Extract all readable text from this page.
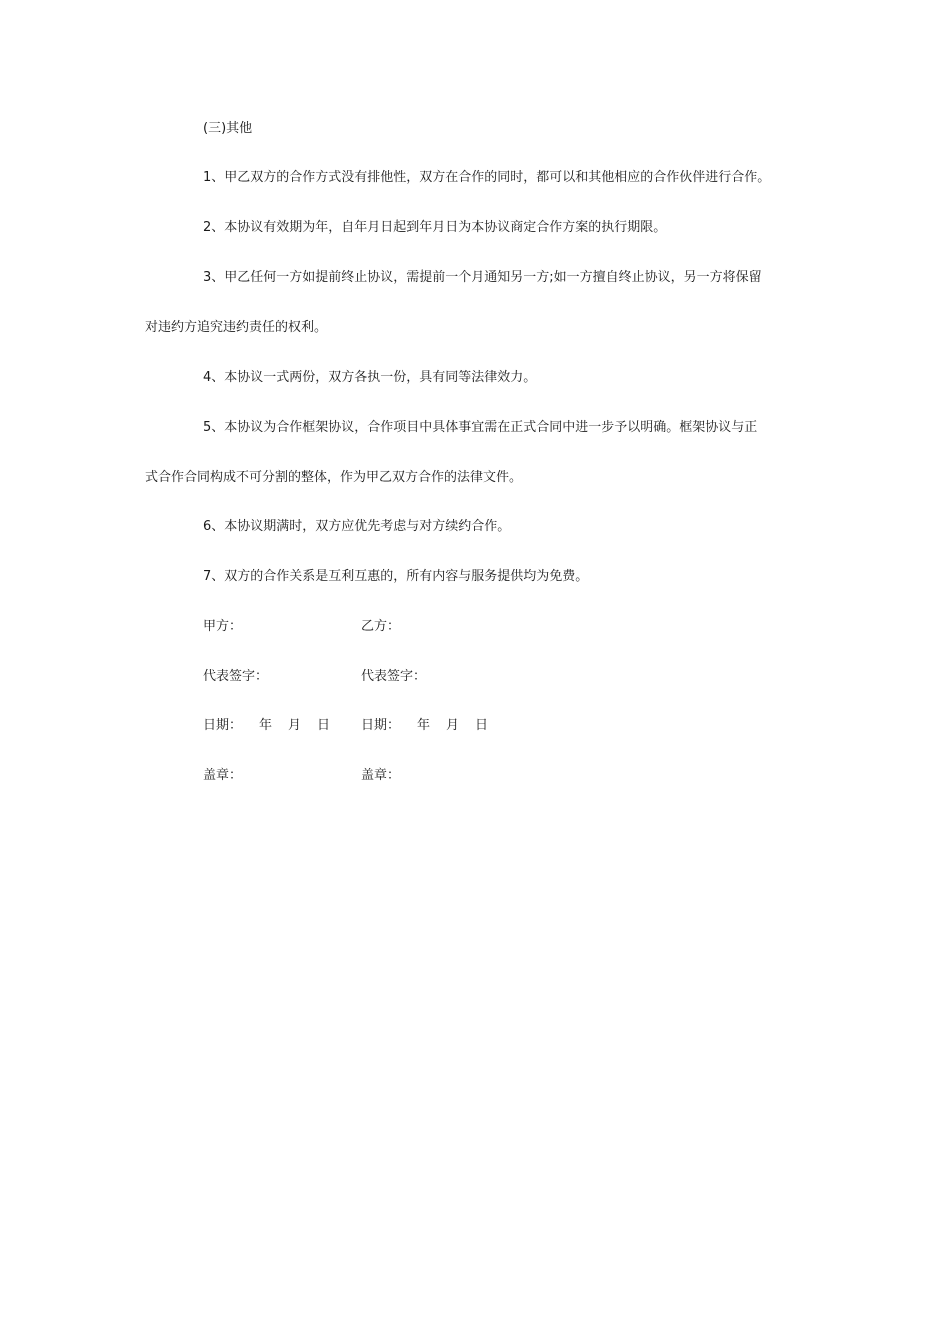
(三)其他
1、甲乙双方的合作方式没有排他性，双方在合作的同时，都可以和其他相应的合作伙伴进行合作。
2、本协议有效期为年，自年月日起到年月日为本协议商定合作方案的执行期限。
3、甲乙任何一方如提前终止协议，需提前一个月通知另一方;如一方擅自终止协议，另一方将保留
对违约方追究违约责任的权利。
4、本协议一式两份，双方各执一份，具有同等法律效力。
5、本协议为合作框架协议，合作项目中具体事宜需在正式合同中进一步予以明确。框架协议与正
式合作合同构成不可分割的整体，作为甲乙双方合作的法律文件。
6、本协议期满时，双方应优先考虑与对方续约合作。
7、双方的合作关系是互利互惠的，所有内容与服务提供均为免费。
甲方：	乙方：
代表签字：	代表签字：
日期： 年 月 日 日期： 年 月 日
盖章：	盖章：
